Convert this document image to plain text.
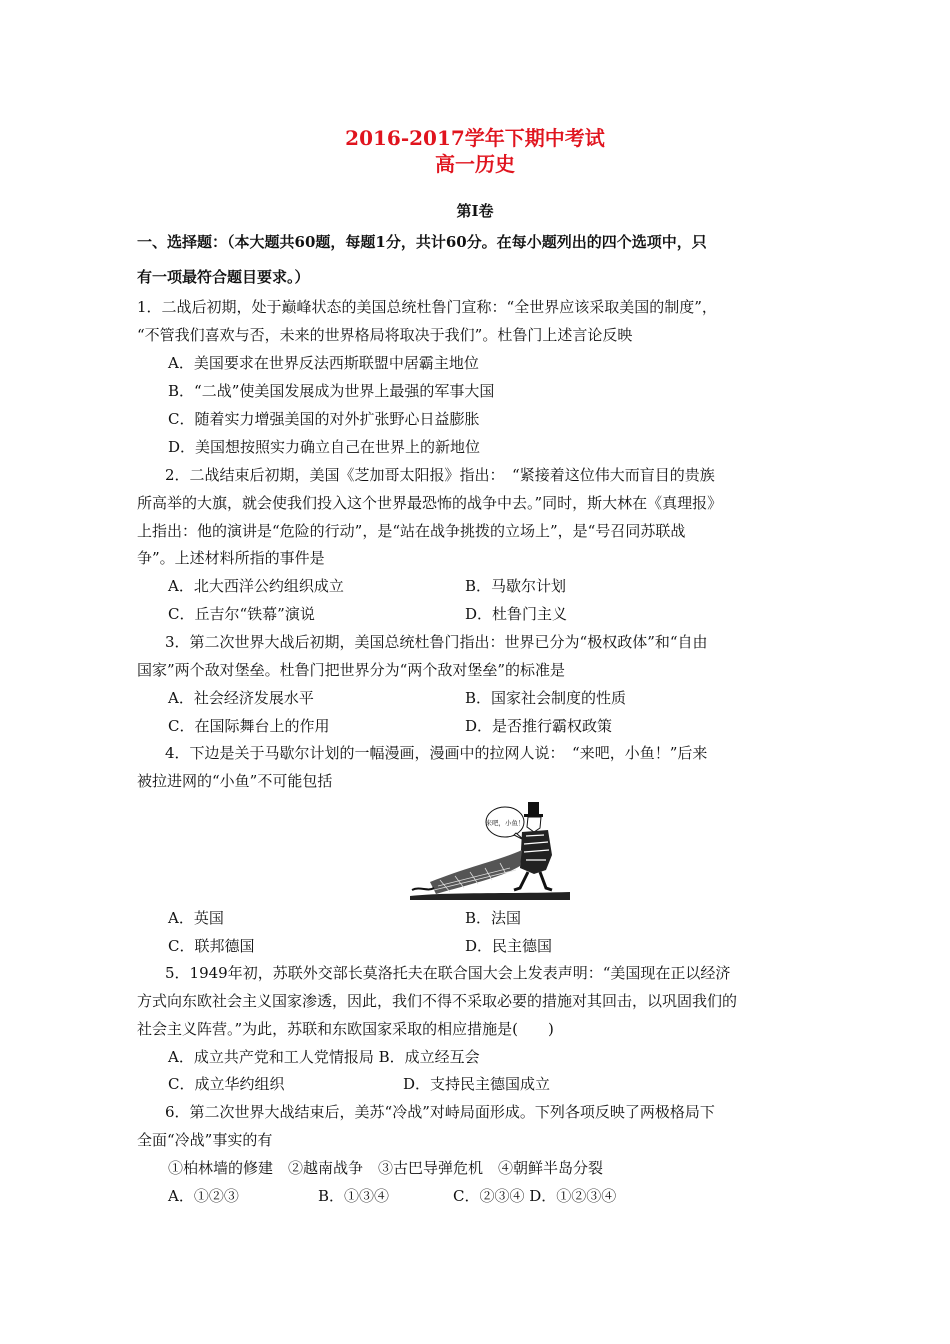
2016-2017学年下期中考试
高一历史
第Ⅰ卷
一、选择题：（本大题共60题，每题1分，共计60分。在每小题列出的四个选项中，只
有一项最符合题目要求。）
1．二战后初期，处于巅峰状态的美国总统杜鲁门宣称：“全世界应该采取美国的制度”，
“不管我们喜欢与否，未来的世界格局将取决于我们”。杜鲁门上述言论反映
A．美国要求在世界反法西斯联盟中居霸主地位
B．“二战”使美国发展成为世界上最强的军事大国
C．随着实力增强美国的对外扩张野心日益膨胀
D．美国想按照实力确立自己在世界上的新地位
2．二战结束后初期，美国《芝加哥太阳报》指出：　“紧接着这位伟大而盲目的贵族
所高举的大旗，就会使我们投入这个世界最恐怖的战争中去。”同时，斯大林在《真理报》
上指出：他的演讲是“危险的行动”，是“站在战争挑拨的立场上”，是“号召同苏联战
争”。上述材料所指的事件是
A．北大西洋公约组织成立	B．马歇尔计划
C．丘吉尔“铁幕”演说	D．杜鲁门主义
3．第二次世界大战后初期，美国总统杜鲁门指出：世界已分为“极权政体”和“自由
国家”两个敌对堡垒。杜鲁门把世界分为“两个敌对堡垒”的标准是
A．社会经济发展水平	B．国家社会制度的性质
C．在国际舞台上的作用	D．是否推行霸权政策
4．下边是关于马歇尔计划的一幅漫画，漫画中的拉网人说：　“来吧，小鱼！”后来
被拉进网的“小鱼”不可能包括
来吧，小鱼！
A．英国	B．法国
C．联邦德国	D．民主德国
5．1949年初，苏联外交部长莫洛托夫在联合国大会上发表声明：“美国现在正以经济
方式向东欧社会主义国家渗透，因此，我们不得不采取必要的措施对其回击，以巩固我们的
社会主义阵营。”为此，苏联和东欧国家采取的相应措施是(　　)
A．成立共产党和工人党情报局 B．成立经互会
C．成立华约组织	D．支持民主德国成立
6．第二次世界大战结束后，美苏“冷战”对峙局面形成。下列各项反映了两极格局下
全面“冷战”事实的有
①柏林墙的修建　②越南战争　③古巴导弹危机　④朝鲜半岛分裂
A．①②③	B．①③④	C．②③④ D．①②③④
